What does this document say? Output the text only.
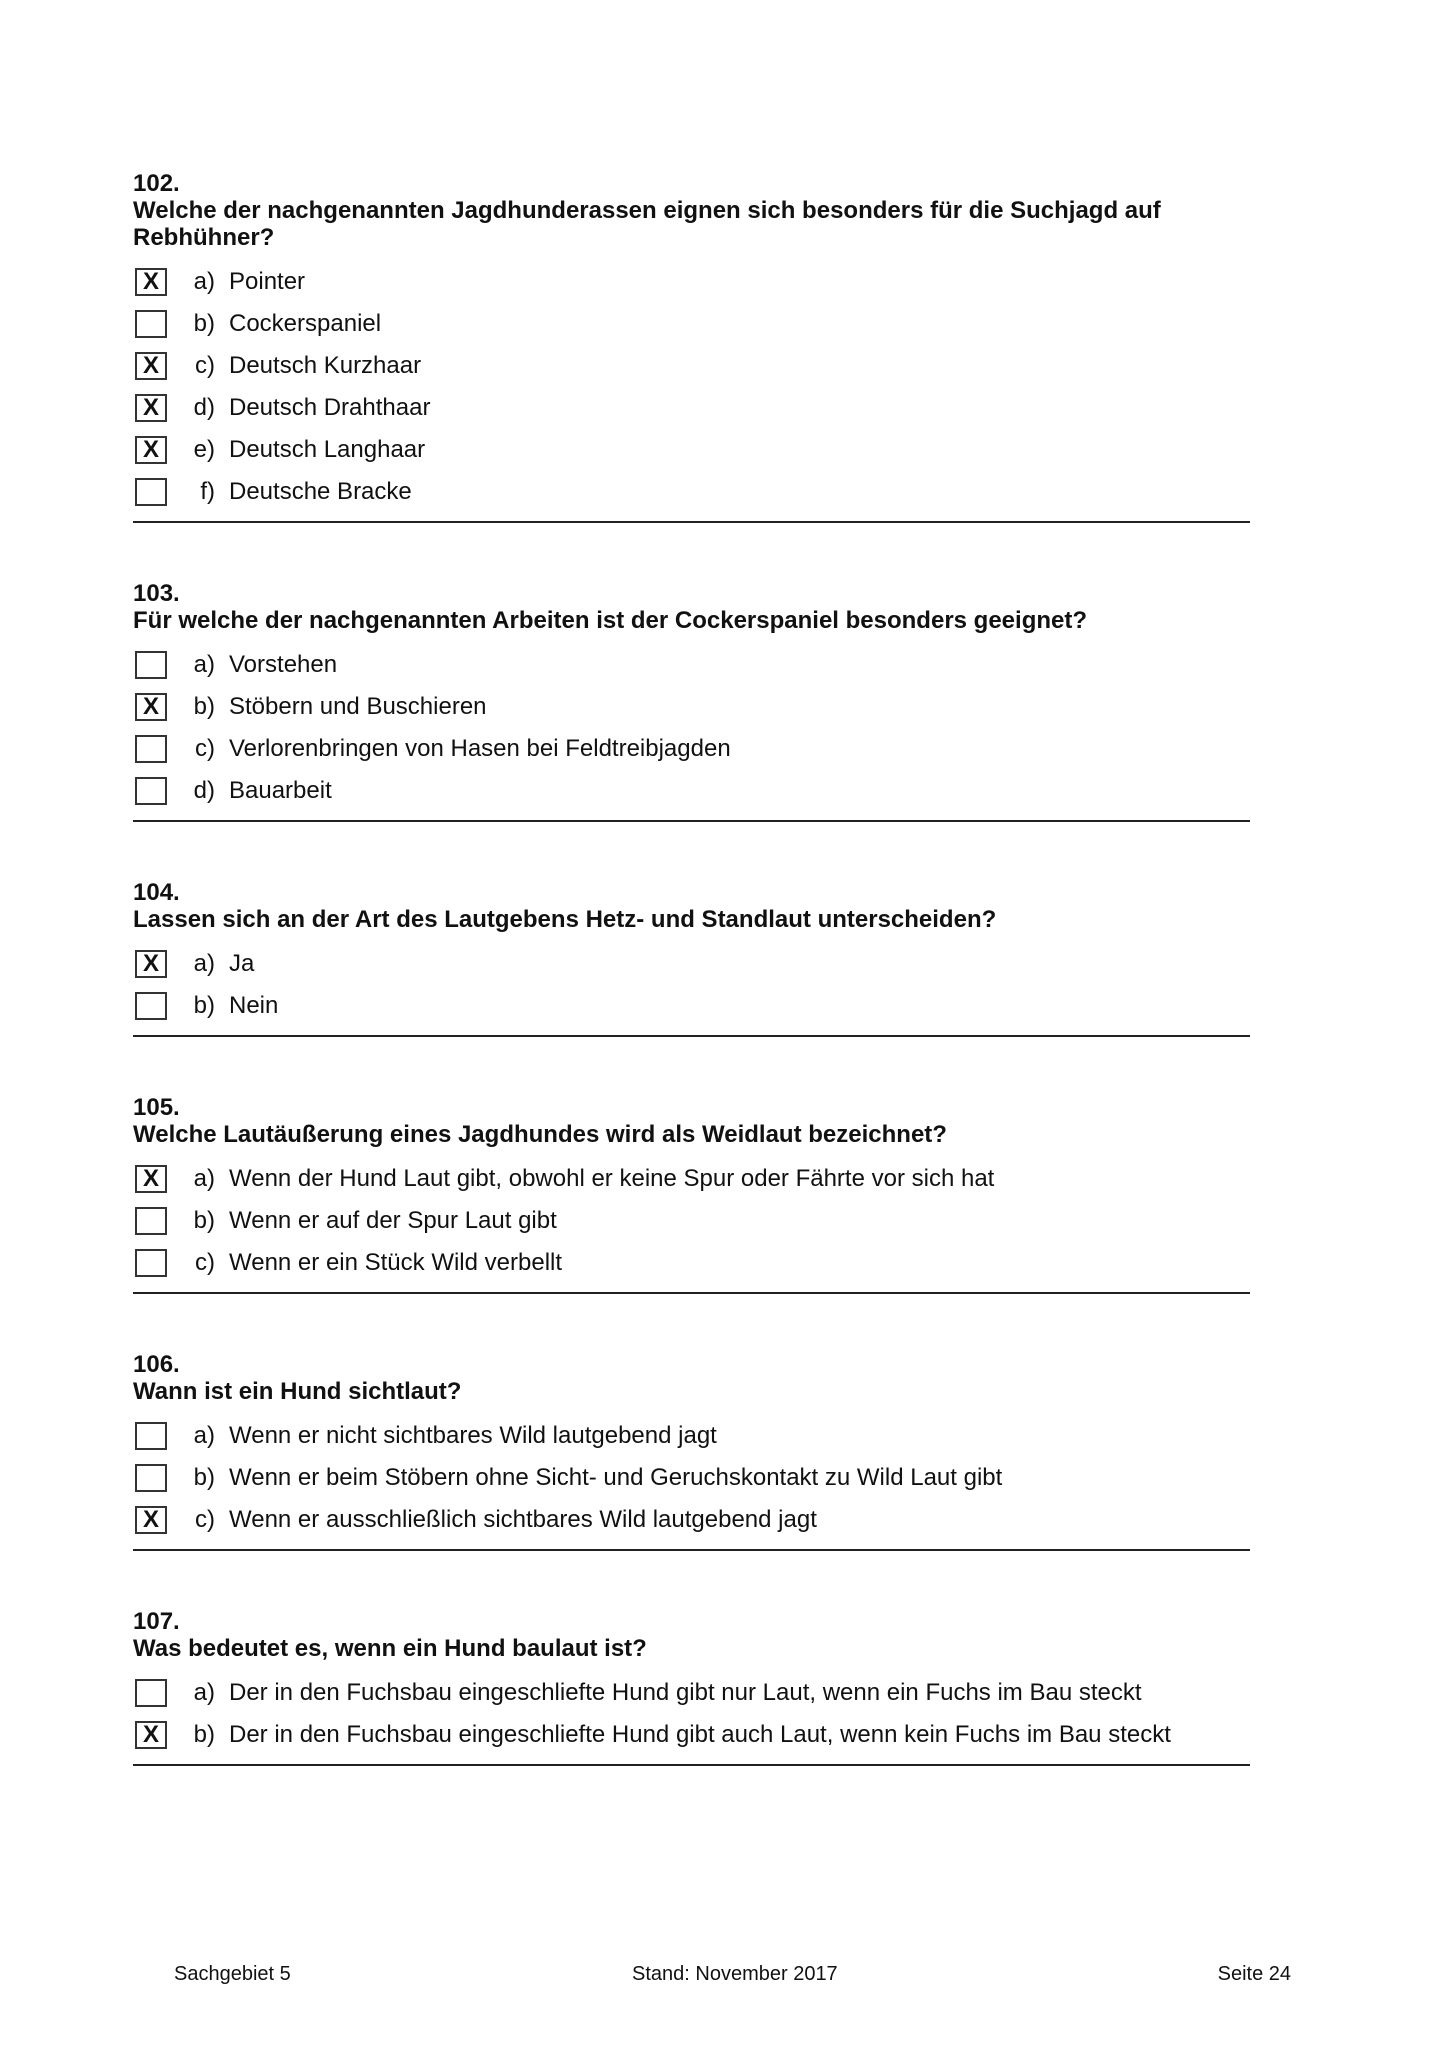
102.

Welche der nachgenannten Jagdhunderassen eignen sich besonders für die Suchjagd auf Rebhühner?

X	a) Pointer
b) Cockerspaniel
X	c) Deutsch Kurzhaar
X	d) Deutsch Drahthaar
X	e) Deutsch Langhaar
f) Deutsche Bracke

103.

Für welche der nachgenannten Arbeiten ist der Cockerspaniel besonders geeignet?

a) Vorstehen
X	b) Stöbern und Buschieren
c) Verlorenbringen von Hasen bei Feldtreibjagden
d) Bauarbeit

104.

Lassen sich an der Art des Lautgebens Hetz- und Standlaut unterscheiden?

X	a) Ja
b) Nein

105.

Welche Lautäußerung eines Jagdhundes wird als Weidlaut bezeichnet?

X	a) Wenn der Hund Laut gibt, obwohl er keine Spur oder Fährte vor sich hat
b) Wenn er auf der Spur Laut gibt
c) Wenn er ein Stück Wild verbellt

106.

Wann ist ein Hund sichtlaut?

a) Wenn er nicht sichtbares Wild lautgebend jagt
b) Wenn er beim Stöbern ohne Sicht- und Geruchskontakt zu Wild Laut gibt
X	c) Wenn er ausschließlich sichtbares Wild lautgebend jagt

107.

Was bedeutet es, wenn ein Hund baulaut ist?

a) Der in den Fuchsbau eingeschliefte Hund gibt nur Laut, wenn ein Fuchs im Bau steckt
X	b) Der in den Fuchsbau eingeschliefte Hund gibt auch Laut, wenn kein Fuchs im Bau steckt
Sachgebiet 5	Stand: November 2017	Seite 24
